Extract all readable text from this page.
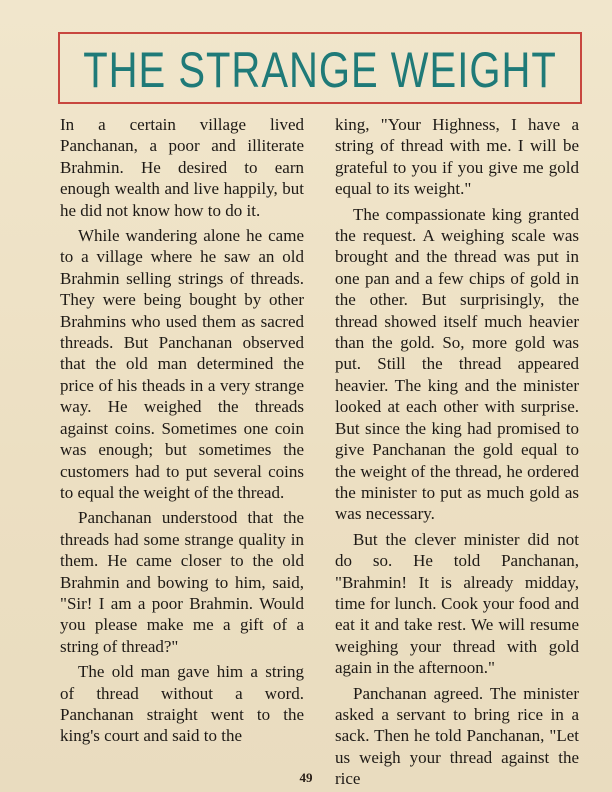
THE STRANGE WEIGHT

In a certain village lived Panchanan, a poor and illiterate Brahmin. He desired to earn enough wealth and live happily, but he did not know how to do it.

While wandering alone he came to a village where he saw an old Brahmin selling strings of threads. They were being bought by other Brahmins who used them as sacred threads. But Panchanan observed that the old man determined the price of his theads in a very strange way. He weighed the threads against coins. Sometimes one coin was enough; but sometimes the customers had to put several coins to equal the weight of the thread.

Panchanan understood that the threads had some strange quality in them. He came closer to the old Brahmin and bowing to him, said, "Sir! I am a poor Brahmin. Would you please make me a gift of a string of thread?"

The old man gave him a string of thread without a word. Panchanan straight went to the king's court and said to the

king, "Your Highness, I have a string of thread with me. I will be grateful to you if you give me gold equal to its weight."

The compassionate king granted the request. A weighing scale was brought and the thread was put in one pan and a few chips of gold in the other. But surprisingly, the thread showed itself much heavier than the gold. So, more gold was put. Still the thread appeared heavier. The king and the minister looked at each other with surprise. But since the king had promised to give Panchanan the gold equal to the weight of the thread, he ordered the minister to put as much gold as was necessary.

But the clever minister did not do so. He told Panchanan, "Brahmin! It is already midday, time for lunch. Cook your food and eat it and take rest. We will resume weighing your thread with gold again in the afternoon."

Panchanan agreed. The minister asked a servant to bring rice in a sack. Then he told Panchanan, "Let us weigh your thread against the rice

49
